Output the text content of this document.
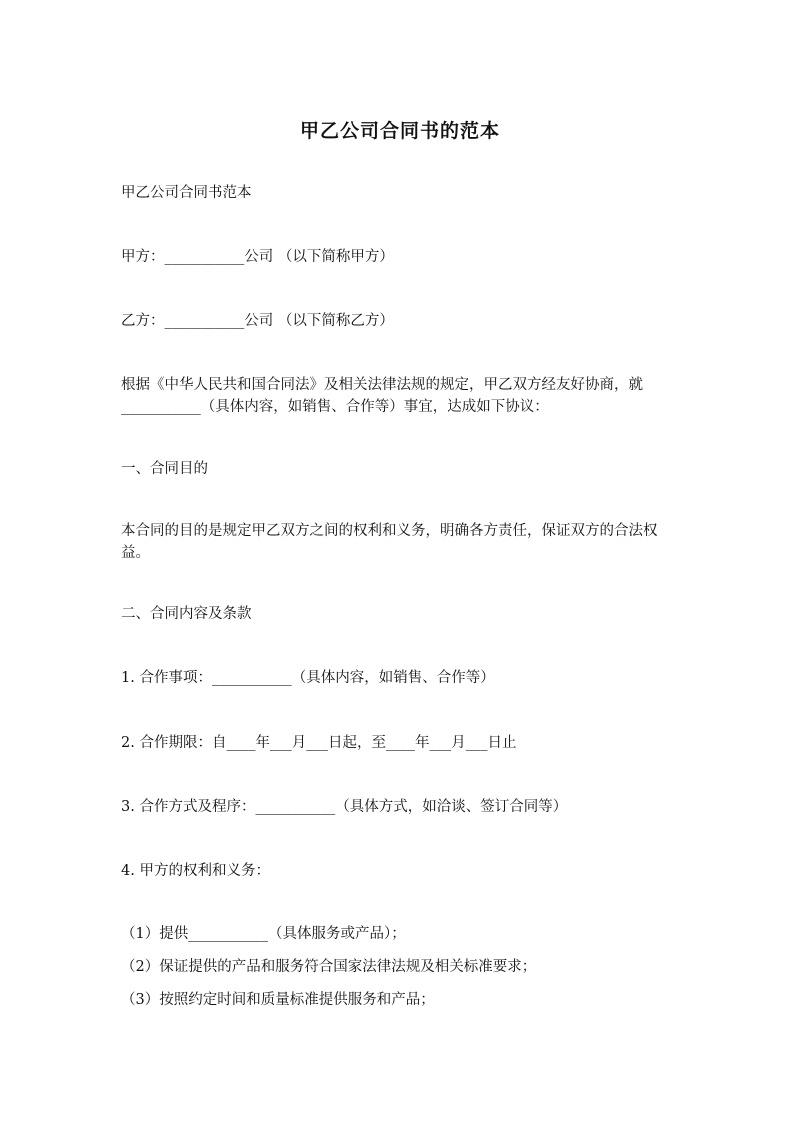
甲乙公司合同书的范本
甲乙公司合同书范本
甲方：___________公司 （以下简称甲方）
乙方：___________公司 （以下简称乙方）
根据《中华人民共和国合同法》及相关法律法规的规定，甲乙双方经友好协商，就
___________（具体内容，如销售、合作等）事宜，达成如下协议：
一、合同目的
本合同的目的是规定甲乙双方之间的权利和义务，明确各方责任，保证双方的合法权
益。
二、合同内容及条款
1. 合作事项：___________（具体内容，如销售、合作等）
2. 合作期限：自____年___月___日起，至____年___月___日止
3. 合作方式及程序：___________（具体方式，如洽谈、签订合同等）
4. 甲方的权利和义务：
（1）提供___________（具体服务或产品）；
（2）保证提供的产品和服务符合国家法律法规及相关标准要求；
（3）按照约定时间和质量标准提供服务和产品；
